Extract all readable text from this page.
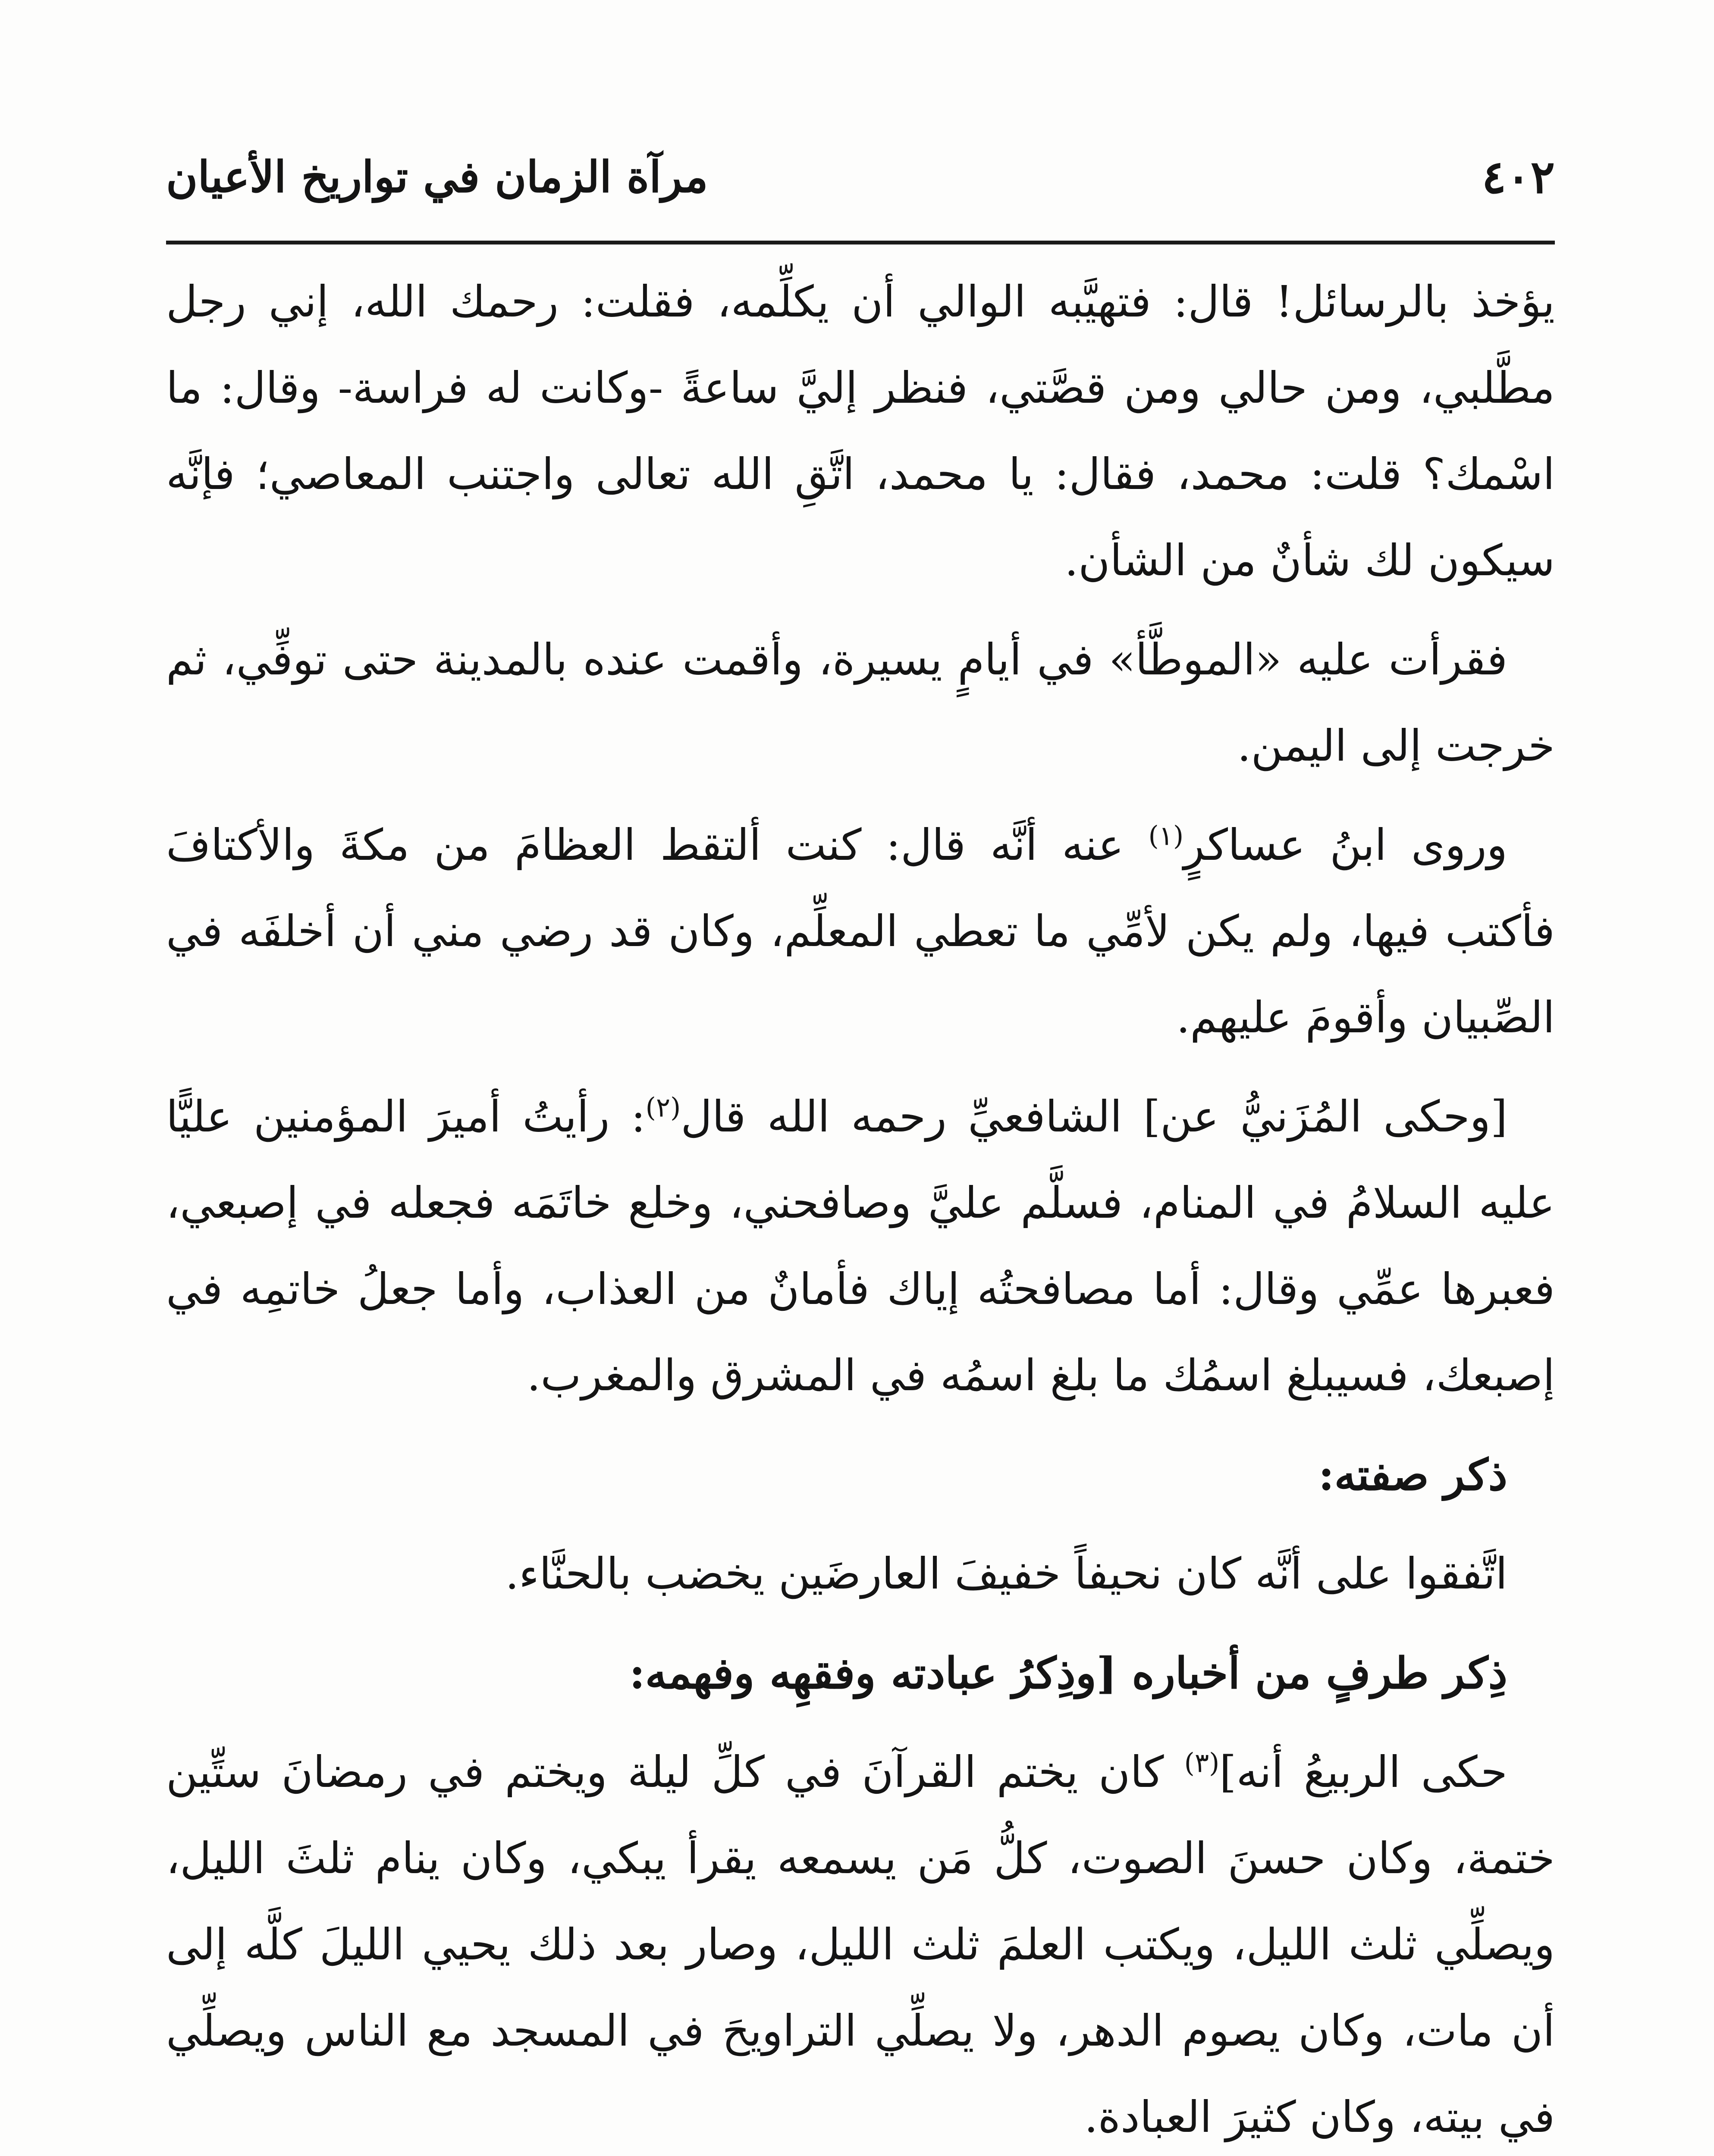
٤٠٢
مرآة الزمان في تواريخ الأعيان

يؤخذ بالرسائل! قال: فتهيَّبه الوالي أن يكلِّمه، فقلت: رحمك الله، إني رجل مطَّلبي، ومن حالي ومن قصَّتي، فنظر إليَّ ساعةً -وكانت له فراسة- وقال: ما اسْمك؟ قلت: محمد، فقال: يا محمد، اتَّقِ الله تعالى واجتنب المعاصي؛ فإنَّه سيكون لك شأنٌ من الشأن.

فقرأت عليه «الموطَّأ» في أيامٍ يسيرة، وأقمت عنده بالمدينة حتى توفِّي، ثم خرجت إلى اليمن.

وروى ابنُ عساكرٍ$^{(١)}$ عنه أنَّه قال: كنت ألتقط العظامَ من مكةَ والأكتافَ فأكتب فيها، ولم يكن لأمِّي ما تعطي المعلِّم، وكان قد رضي مني أن أخلفَه في الصِّبيان وأقومَ عليهم.

[وحكى المُزَنيُّ عن] الشافعيِّ رحمه الله قال$^{(٢)}$: رأيتُ أميرَ المؤمنين عليًّا عليه السلامُ في المنام، فسلَّم عليَّ وصافحني، وخلع خاتَمَه فجعله في إصبعي، فعبرها عمِّي وقال: أما مصافحتُه إياك فأمانٌ من العذاب، وأما جعلُ خاتمِه في إصبعك، فسيبلغ اسمُك ما بلغ اسمُه في المشرق والمغرب.

ذكر صفته:

اتَّفقوا على أنَّه كان نحيفاً خفيفَ العارضَين يخضب بالحنَّاء.

ذِكر طرفٍ من أخباره [وذِكرُ عبادته وفقهِه وفهمه:

حكى الربيعُ أنه]$^{(٣)}$ كان يختم القرآنَ في كلِّ ليلة ويختم في رمضانَ ستِّين ختمة، وكان حسنَ الصوت، كلُّ مَن يسمعه يقرأ يبكي، وكان ينام ثلثَ الليل، ويصلِّي ثلث الليل، ويكتب العلمَ ثلث الليل، وصار بعد ذلك يحيي الليلَ كلَّه إلى أن مات، وكان يصوم الدهر، ولا يصلِّي التراويحَ في المسجد مع الناس ويصلِّي في بيته، وكان كثيرَ العبادة.
